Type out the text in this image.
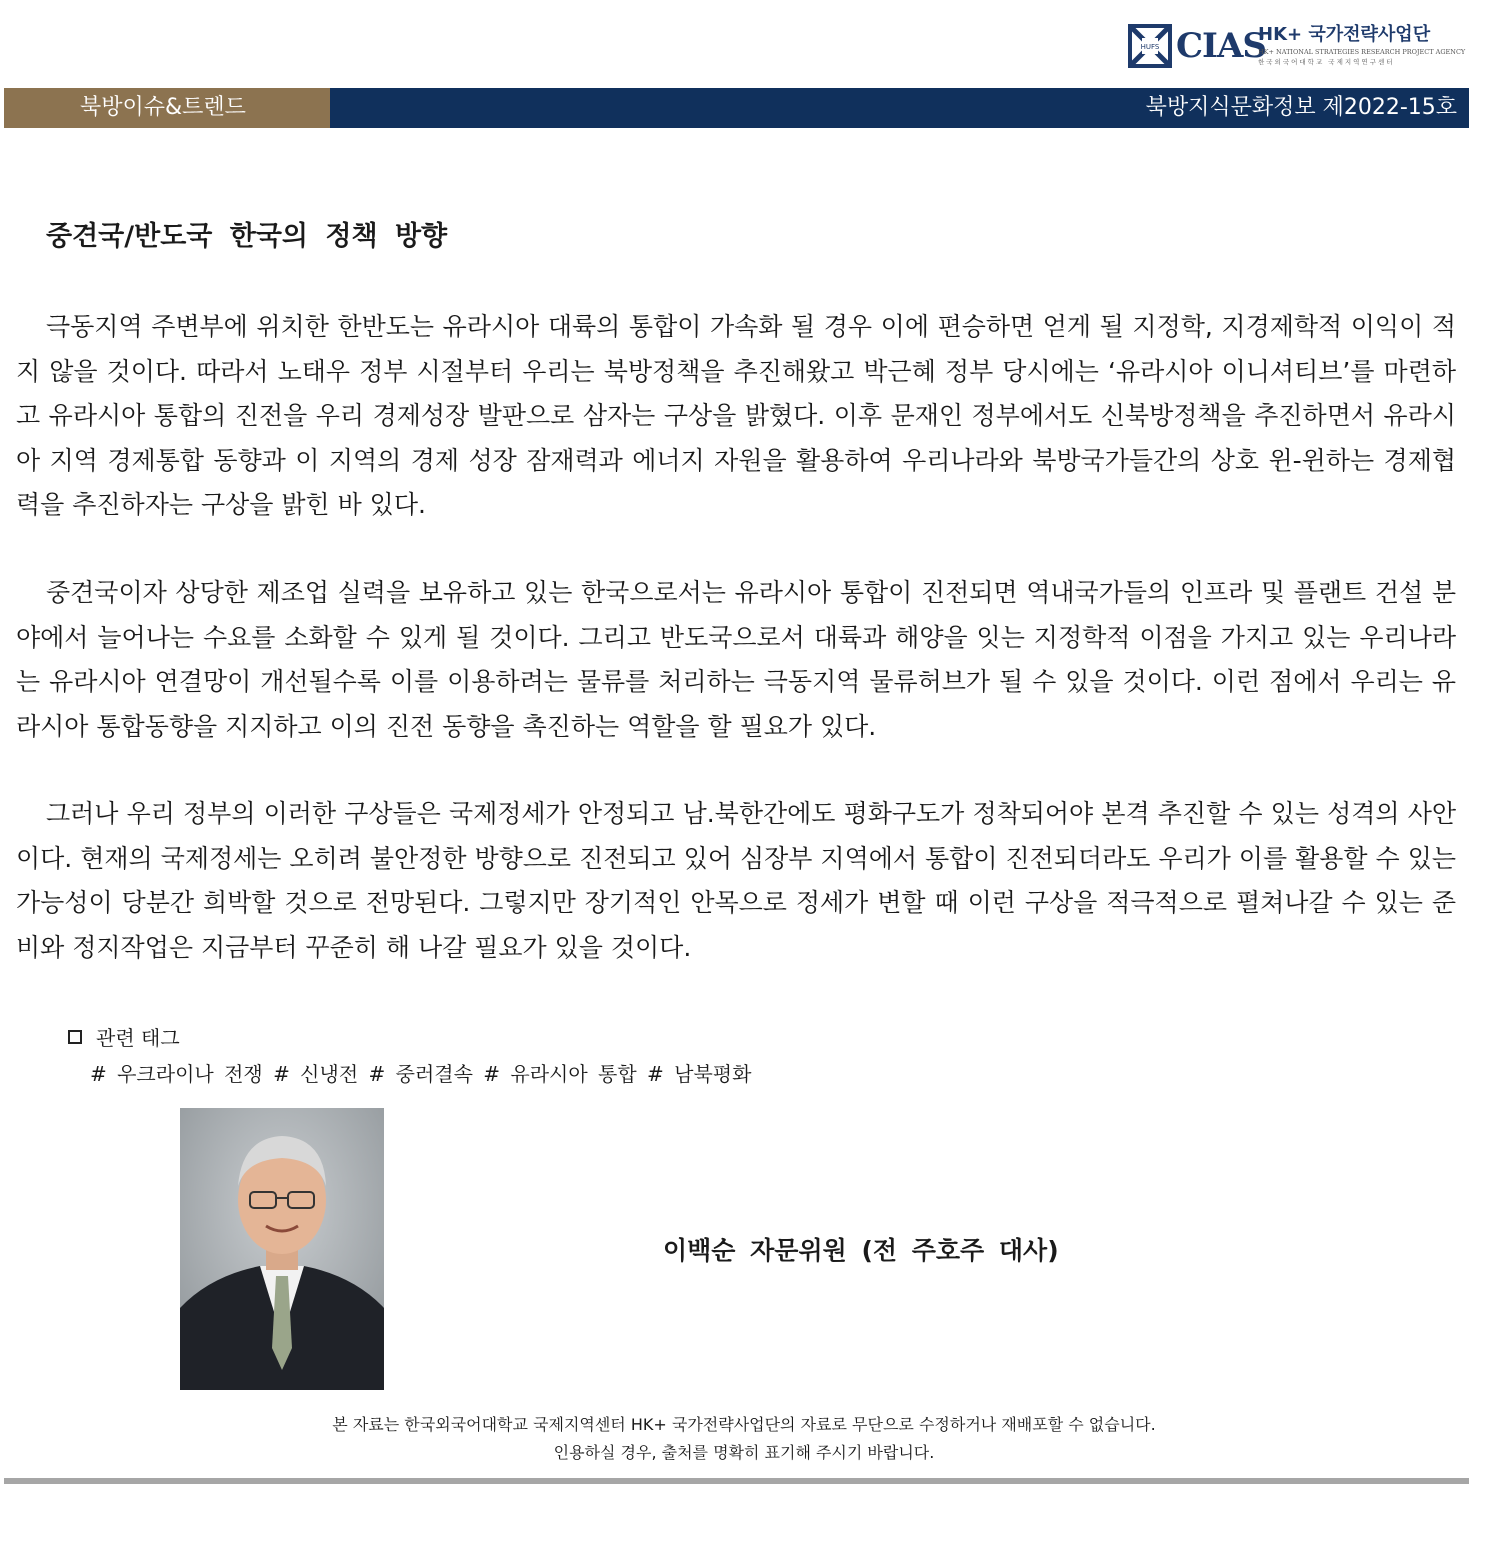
HUFS CIAS
HK+ 국가전략사업단
HK+ NATIONAL STRATEGIES RESEARCH PROJECT AGENCY
한국외국어대학교 국제지역연구센터
북방이슈&트렌드	북방지식문화정보 제2022-15호
중견국/반도국 한국의 정책 방향

극동지역 주변부에 위치한 한반도는 유라시아 대륙의 통합이 가속화 될 경우 이에 편승하면 얻게 될 지정학, 지경제학적 이익이 적지 않을 것이다. 따라서 노태우 정부 시절부터 우리는 북방정책을 추진해왔고 박근혜 정부 당시에는 ‘유라시아 이니셔티브’를 마련하고 유라시아 통합의 진전을 우리 경제성장 발판으로 삼자는 구상을 밝혔다. 이후 문재인 정부에서도 신북방정책을 추진하면서 유라시아 지역 경제통합 동향과 이 지역의 경제 성장 잠재력과 에너지 자원을 활용하여 우리나라와 북방국가들간의 상호 윈-윈하는 경제협력을 추진하자는 구상을 밝힌 바 있다.

중견국이자 상당한 제조업 실력을 보유하고 있는 한국으로서는 유라시아 통합이 진전되면 역내국가들의 인프라 및 플랜트 건설 분야에서 늘어나는 수요를 소화할 수 있게 될 것이다. 그리고 반도국으로서 대륙과 해양을 잇는 지정학적 이점을 가지고 있는 우리나라는 유라시아 연결망이 개선될수록 이를 이용하려는 물류를 처리하는 극동지역 물류허브가 될 수 있을 것이다. 이런 점에서 우리는 유라시아 통합동향을 지지하고 이의 진전 동향을 촉진하는 역할을 할 필요가 있다.

그러나 우리 정부의 이러한 구상들은 국제정세가 안정되고 남.북한간에도 평화구도가 정착되어야 본격 추진할 수 있는 성격의 사안이다. 현재의 국제정세는 오히려 불안정한 방향으로 진전되고 있어 심장부 지역에서 통합이 진전되더라도 우리가 이를 활용할 수 있는 가능성이 당분간 희박할 것으로 전망된다. 그렇지만 장기적인 안목으로 정세가 변할 때 이런 구상을 적극적으로 펼쳐나갈 수 있는 준비와 정지작업은 지금부터 꾸준히 해 나갈 필요가 있을 것이다.

관련 태그
# 우크라이나 전쟁 # 신냉전 # 중러결속 # 유라시아 통합 # 남북평화
이백순 자문위원 (전 주호주 대사)
본 자료는 한국외국어대학교 국제지역센터 HK+ 국가전략사업단의 자료로 무단으로 수정하거나 재배포할 수 없습니다.
인용하실 경우, 출처를 명확히 표기해 주시기 바랍니다.
